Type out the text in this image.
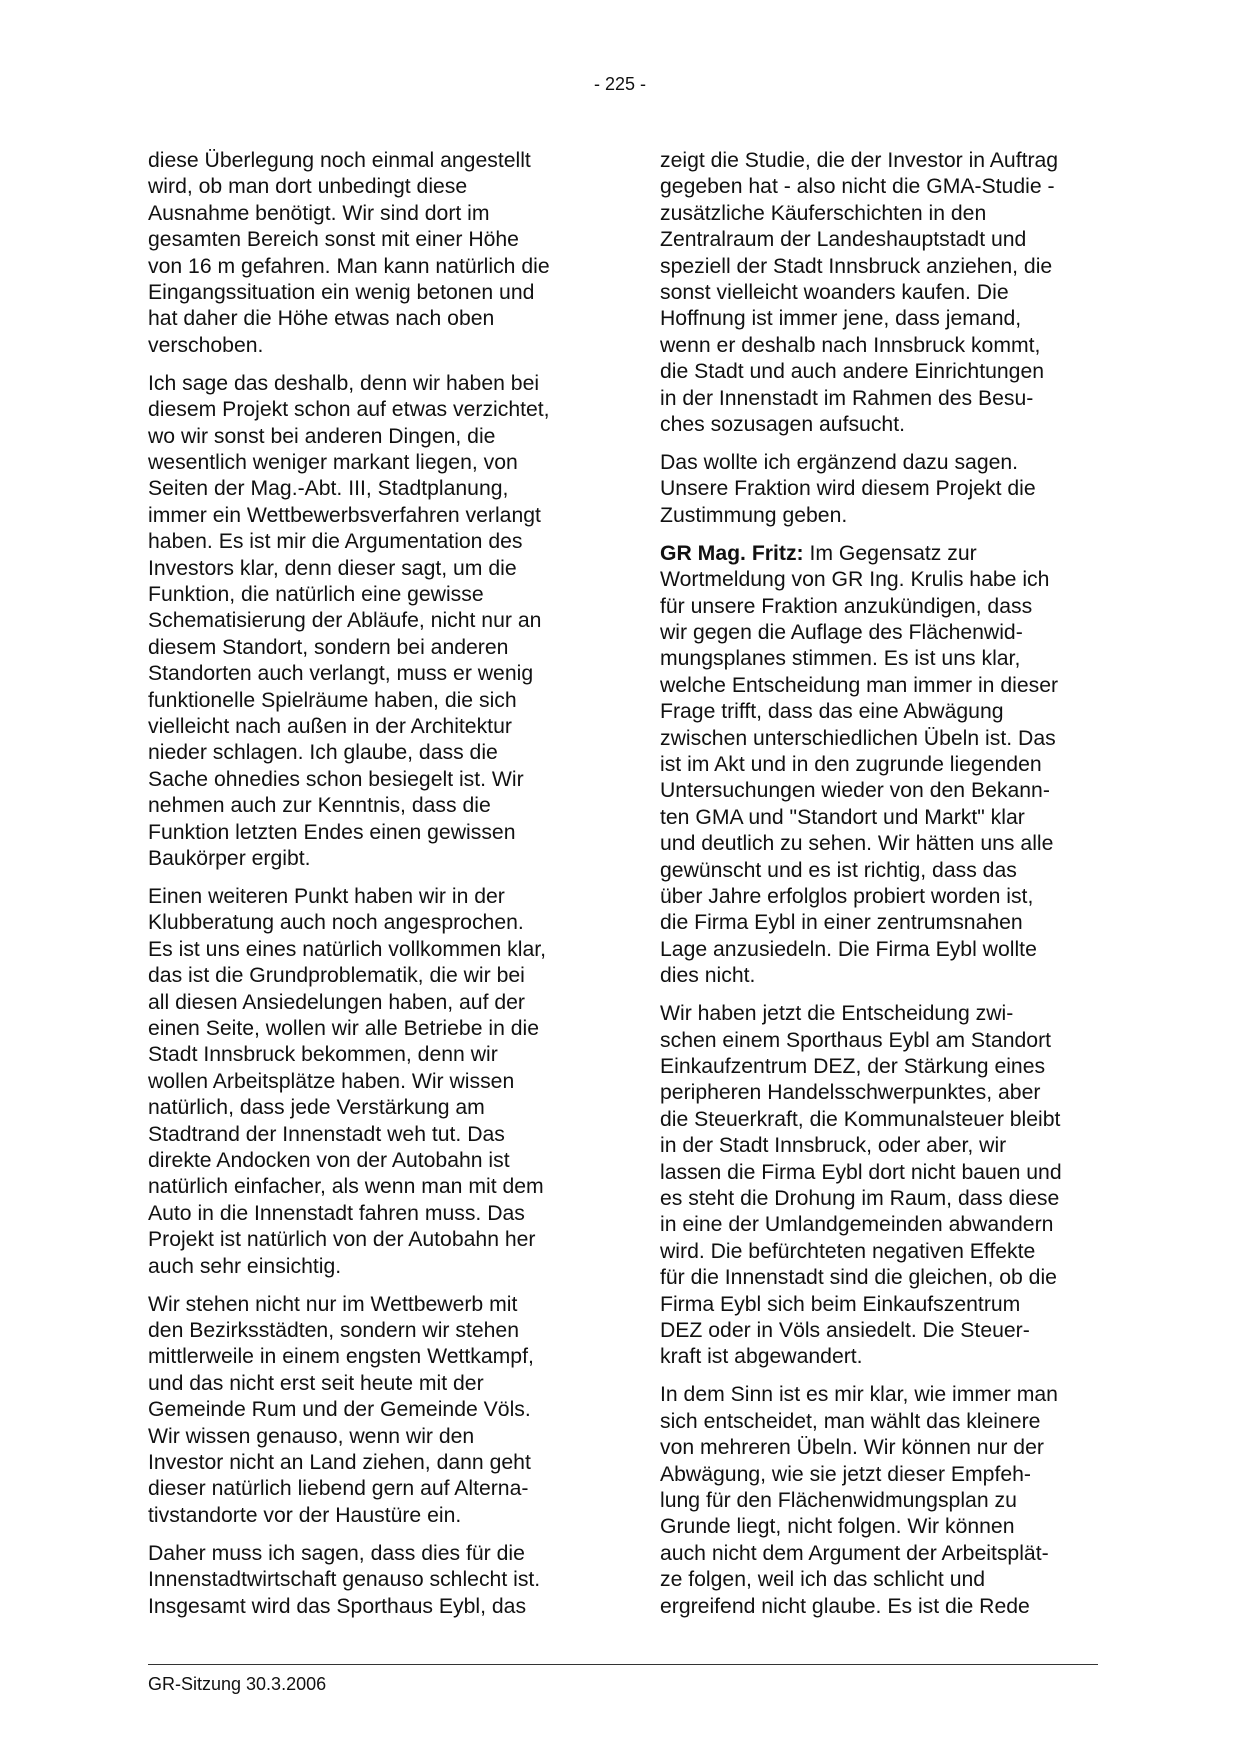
- 225 -

diese Überlegung noch einmal angestellt
wird, ob man dort unbedingt diese
Ausnahme benötigt. Wir sind dort im
gesamten Bereich sonst mit einer Höhe
von 16 m gefahren. Man kann natürlich die
Eingangssituation ein wenig betonen und
hat daher die Höhe etwas nach oben
verschoben.

Ich sage das deshalb, denn wir haben bei
diesem Projekt schon auf etwas verzichtet,
wo wir sonst bei anderen Dingen, die
wesentlich weniger markant liegen, von
Seiten der Mag.-Abt. III, Stadtplanung,
immer ein Wettbewerbsverfahren verlangt
haben. Es ist mir die Argumentation des
Investors klar, denn dieser sagt, um die
Funktion, die natürlich eine gewisse
Schematisierung der Abläufe, nicht nur an
diesem Standort, sondern bei anderen
Standorten auch verlangt, muss er wenig
funktionelle Spielräume haben, die sich
vielleicht nach außen in der Architektur
nieder schlagen. Ich glaube, dass die
Sache ohnedies schon besiegelt ist. Wir
nehmen auch zur Kenntnis, dass die
Funktion letzten Endes einen gewissen
Baukörper ergibt.

Einen weiteren Punkt haben wir in der
Klubberatung auch noch angesprochen.
Es ist uns eines natürlich vollkommen klar,
das ist die Grundproblematik, die wir bei
all diesen Ansiedelungen haben, auf der
einen Seite, wollen wir alle Betriebe in die
Stadt Innsbruck bekommen, denn wir
wollen Arbeitsplätze haben. Wir wissen
natürlich, dass jede Verstärkung am
Stadtrand der Innenstadt weh tut. Das
direkte Andocken von der Autobahn ist
natürlich einfacher, als wenn man mit dem
Auto in die Innenstadt fahren muss. Das
Projekt ist natürlich von der Autobahn her
auch sehr einsichtig.

Wir stehen nicht nur im Wettbewerb mit
den Bezirksstädten, sondern wir stehen
mittlerweile in einem engsten Wettkampf,
und das nicht erst seit heute mit der
Gemeinde Rum und der Gemeinde Völs.
Wir wissen genauso, wenn wir den
Investor nicht an Land ziehen, dann geht
dieser natürlich liebend gern auf Alterna-
tivstandorte vor der Haustüre ein.

Daher muss ich sagen, dass dies für die
Innenstadtwirtschaft genauso schlecht ist.
Insgesamt wird das Sporthaus Eybl, das

zeigt die Studie, die der Investor in Auftrag
gegeben hat - also nicht die GMA-Studie -
zusätzliche Käuferschichten in den
Zentralraum der Landeshauptstadt und
speziell der Stadt Innsbruck anziehen, die
sonst vielleicht woanders kaufen. Die
Hoffnung ist immer jene, dass jemand,
wenn er deshalb nach Innsbruck kommt,
die Stadt und auch andere Einrichtungen
in der Innenstadt im Rahmen des Besu-
ches sozusagen aufsucht.

Das wollte ich ergänzend dazu sagen.
Unsere Fraktion wird diesem Projekt die
Zustimmung geben.

GR Mag. Fritz: Im Gegensatz zur
Wortmeldung von GR Ing. Krulis habe ich
für unsere Fraktion anzukündigen, dass
wir gegen die Auflage des Flächenwid-
mungsplanes stimmen. Es ist uns klar,
welche Entscheidung man immer in dieser
Frage trifft, dass das eine Abwägung
zwischen unterschiedlichen Übeln ist. Das
ist im Akt und in den zugrunde liegenden
Untersuchungen wieder von den Bekann-
ten GMA und "Standort und Markt" klar
und deutlich zu sehen. Wir hätten uns alle
gewünscht und es ist richtig, dass das
über Jahre erfolglos probiert worden ist,
die Firma Eybl in einer zentrumsnahen
Lage anzusiedeln. Die Firma Eybl wollte
dies nicht.

Wir haben jetzt die Entscheidung zwi-
schen einem Sporthaus Eybl am Standort
Einkaufzentrum DEZ, der Stärkung eines
peripheren Handelsschwerpunktes, aber
die Steuerkraft, die Kommunalsteuer bleibt
in der Stadt Innsbruck, oder aber, wir
lassen die Firma Eybl dort nicht bauen und
es steht die Drohung im Raum, dass diese
in eine der Umlandgemeinden abwandern
wird. Die befürchteten negativen Effekte
für die Innenstadt sind die gleichen, ob die
Firma Eybl sich beim Einkaufszentrum
DEZ oder in Völs ansiedelt. Die Steuer-
kraft ist abgewandert.

In dem Sinn ist es mir klar, wie immer man
sich entscheidet, man wählt das kleinere
von mehreren Übeln. Wir können nur der
Abwägung, wie sie jetzt dieser Empfeh-
lung für den Flächenwidmungsplan zu
Grunde liegt, nicht folgen. Wir können
auch nicht dem Argument der Arbeitsplät-
ze folgen, weil ich das schlicht und
ergreifend nicht glaube. Es ist die Rede

GR-Sitzung 30.3.2006
